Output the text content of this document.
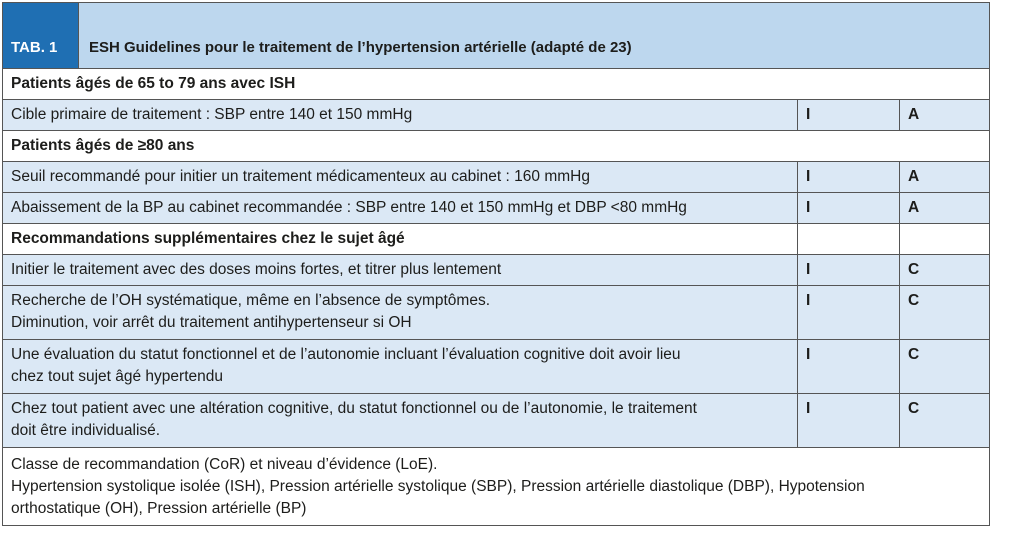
TAB. 1	ESH Guidelines pour le traitement de l’hypertension artérielle (adapté de 23)
Patients âgés de 65 to 79 ans avec ISH
Cible primaire de traitement : SBP entre 140 et 150 mmHg	I	A
Patients âgés de ≥80 ans
Seuil recommandé pour initier un traitement médicamenteux au cabinet : 160 mmHg	I	A
Abaissement de la BP au cabinet recommandée : SBP entre 140 et 150 mmHg et DBP <80 mmHg	I	A
Recommandations supplémentaires chez le sujet âgé
Initier le traitement avec des doses moins fortes, et titrer plus lentement	I	C
Recherche de l’OH systématique, même en l’absence de symptômes.
Diminution, voir arrêt du traitement antihypertenseur si OH
I	C
Une évaluation du statut fonctionnel et de l’autonomie incluant l’évaluation cognitive doit avoir lieu
chez tout sujet âgé hypertendu
I	C
Chez tout patient avec une altération cognitive, du statut fonctionnel ou de l’autonomie, le traitement
doit être individualisé.
I	C
Classe de recommandation (CoR) et niveau d’évidence (LoE).
Hypertension systolique isolée (ISH), Pression artérielle systolique (SBP), Pression artérielle diastolique (DBP), Hypotension
orthostatique (OH), Pression artérielle (BP)
